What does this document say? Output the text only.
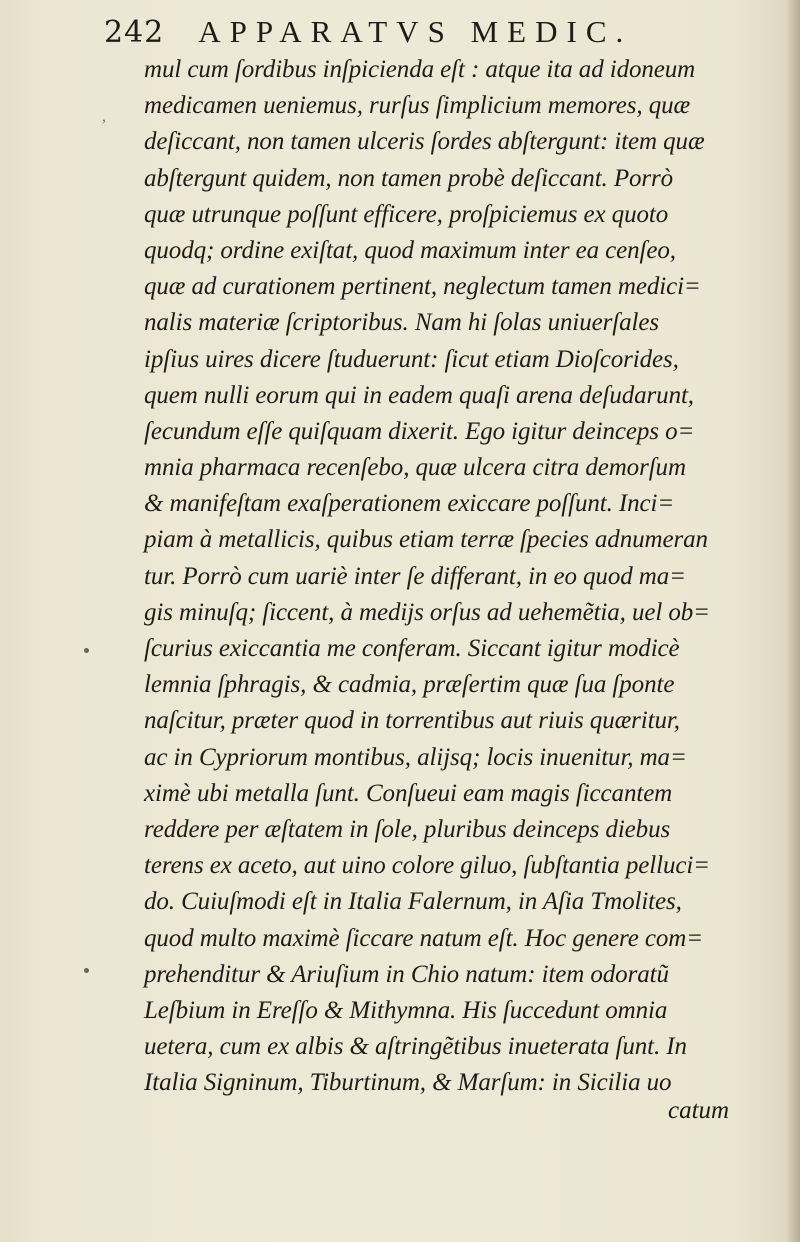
242 APPARATVS MEDIC.
mul cum ſordibus inſpicienda eſt : atque ita ad idoneum
medicamen ueniemus, rurſus ſimplicium memores, quæ
deſiccant, non tamen ulceris ſordes abſtergunt: item quæ
abſtergunt quidem, non tamen probè deſiccant. Porrò
quæ utrunque poſſunt efficere, proſpiciemus ex quoto
quodq; ordine exiſtat, quod maximum inter ea cenſeo,
quæ ad curationem pertinent, neglectum tamen medici=
nalis materiæ ſcriptoribus. Nam hi ſolas uniuerſales
ipſius uires dicere ſtuduerunt: ſicut etiam Dioſcorides,
quem nulli eorum qui in eadem quaſi arena deſudarunt,
ſecundum eſſe quiſquam dixerit. Ego igitur deinceps o=
mnia pharmaca recenſebo, quæ ulcera citra demorſum
& manifeſtam exaſperationem exiccare poſſunt. Inci=
piam à metallicis, quibus etiam terræ ſpecies adnumeran
tur. Porrò cum uariè inter ſe differant, in eo quod ma=
gis minuſq; ſiccent, à medijs orſus ad uehemẽtia, uel ob=
ſcurius exiccantia me conferam. Siccant igitur modicè
lemnia ſphragis, & cadmia, præſertim quæ ſua ſponte
naſcitur, præter quod in torrentibus aut riuis quæritur,
ac in Cypriorum montibus, alijsq; locis inuenitur, ma=
ximè ubi metalla ſunt. Conſueui eam magis ſiccantem
reddere per æſtatem in ſole, pluribus deinceps diebus
terens ex aceto, aut uino colore giluo, ſubſtantia pelluci=
do. Cuiuſmodi eſt in Italia Falernum, in Aſia Tmolites,
quod multo maximè ſiccare natum eſt. Hoc genere com=
prehenditur & Ariuſium in Chio natum: item odoratũ
Leſbium in Ereſſo & Mithymna. His ſuccedunt omnia
uetera, cum ex albis & aſtringẽtibus inueterata ſunt. In
Italia Signinum, Tiburtinum, & Marſum: in Sicilia uo
catum
,
